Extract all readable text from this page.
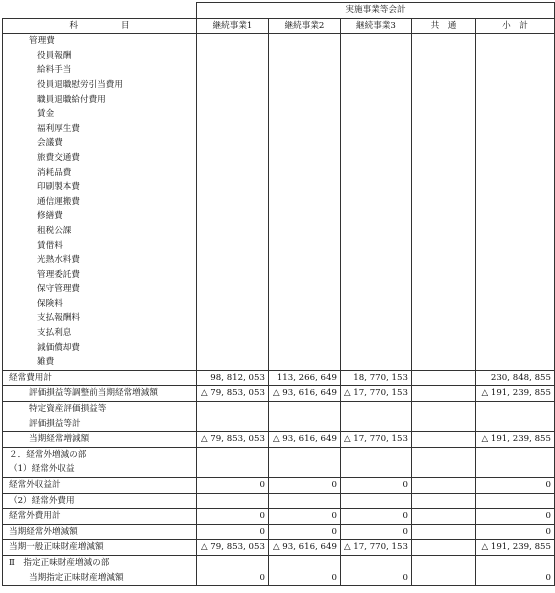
	実施事業等会計				
科　　　　　目	継続事業1	継続事業2	継続事業3	共　通	小　計
管理費					
役員報酬					
給料手当					
役員退職慰労引当費用					
職員退職給付費用					
賃金					
福利厚生費					
会議費					
旅費交通費					
消耗品費					
印刷製本費					
通信運搬費					
修繕費					
租税公課					
賃借料					
光熱水料費					
管理委託費					
保守管理費					
保険料					
支払報酬料					
支払利息					
減価償却費					
雑費					
経常費用計	98, 812, 053	113, 266, 649	18, 770, 153		230, 848, 855
評価損益等調整前当期経常増減額	△ 79, 853, 053	△ 93, 616, 649	△ 17, 770, 153		△ 191, 239, 855
特定資産評価損益等					
評価損益等計					
当期経常増減額	△ 79, 853, 053	△ 93, 616, 649	△ 17, 770, 153		△ 191, 239, 855
２．経常外増減の部					
（1）経常外収益					
経常外収益計	0	0	0		0
（2）経常外費用					
経常外費用計	0	0	0		0
当期経常外増減額	0	0	0		0
当期一般正味財産増減額	△ 79, 853, 053	△ 93, 616, 649	△ 17, 770, 153		△ 191, 239, 855
Ⅱ　指定正味財産増減の部					
当期指定正味財産増減額	0	0	0		0
